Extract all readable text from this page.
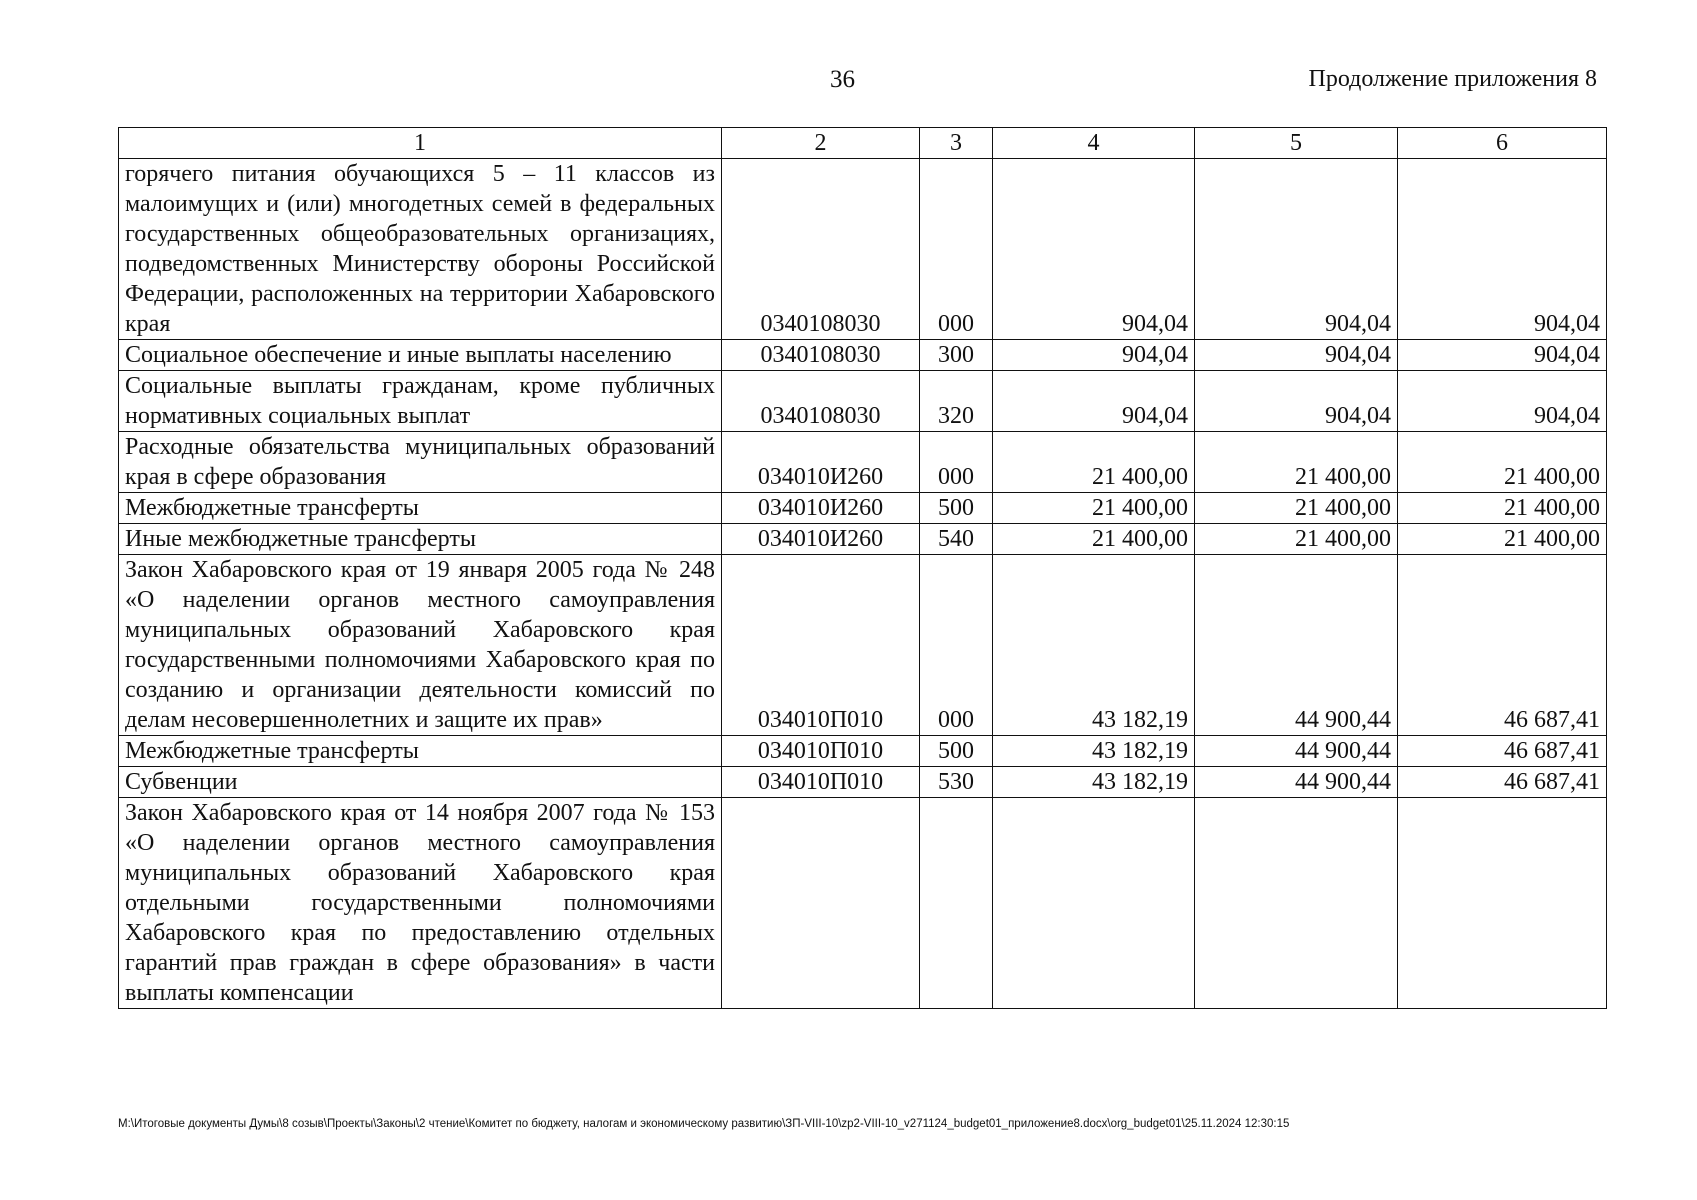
36	Продолжение приложения 8
1	2	3	4	5	6
горячего питания обучающихся 5 – 11 классов из малоимущих и (или) многодетных семей в федеральных государственных общеобразовательных организациях, подведомственных Министерству обороны Российской Федерации, расположенных на территории Хабаровского края	0340108030	000	904,04	904,04	904,04
Социальное обеспечение и иные выплаты населению	0340108030	300	904,04	904,04	904,04
Социальные выплаты гражданам, кроме публичных нормативных социальных выплат	0340108030	320	904,04	904,04	904,04
Расходные обязательства муниципальных образований края в сфере образования	034010И260	000	21 400,00	21 400,00	21 400,00
Межбюджетные трансферты	034010И260	500	21 400,00	21 400,00	21 400,00
Иные межбюджетные трансферты	034010И260	540	21 400,00	21 400,00	21 400,00
Закон Хабаровского края от 19 января 2005 года № 248 «О наделении органов местного самоуправления муниципальных образований Хабаровского края государственными полномочиями Хабаровского края по созданию и организации деятельности комиссий по делам несовершеннолетних и защите их прав»	034010П010	000	43 182,19	44 900,44	46 687,41
Межбюджетные трансферты	034010П010	500	43 182,19	44 900,44	46 687,41
Субвенции	034010П010	530	43 182,19	44 900,44	46 687,41
Закон Хабаровского края от 14 ноября 2007 года № 153 «О наделении органов местного самоуправления муниципальных образований Хабаровского края отдельными государственными полномочиями Хабаровского края по предоставлению отдельных гарантий прав граждан в сфере образования» в части выплаты компенсации					
M:\Итоговые документы Думы\8 созыв\Проекты\Законы\2 чтение\Комитет по бюджету, налогам и экономическому развитию\ЗП-VIII-10\zp2-VIII-10_v271124_budget01_приложение8.docx\org_budget01\25.11.2024 12:30:15
